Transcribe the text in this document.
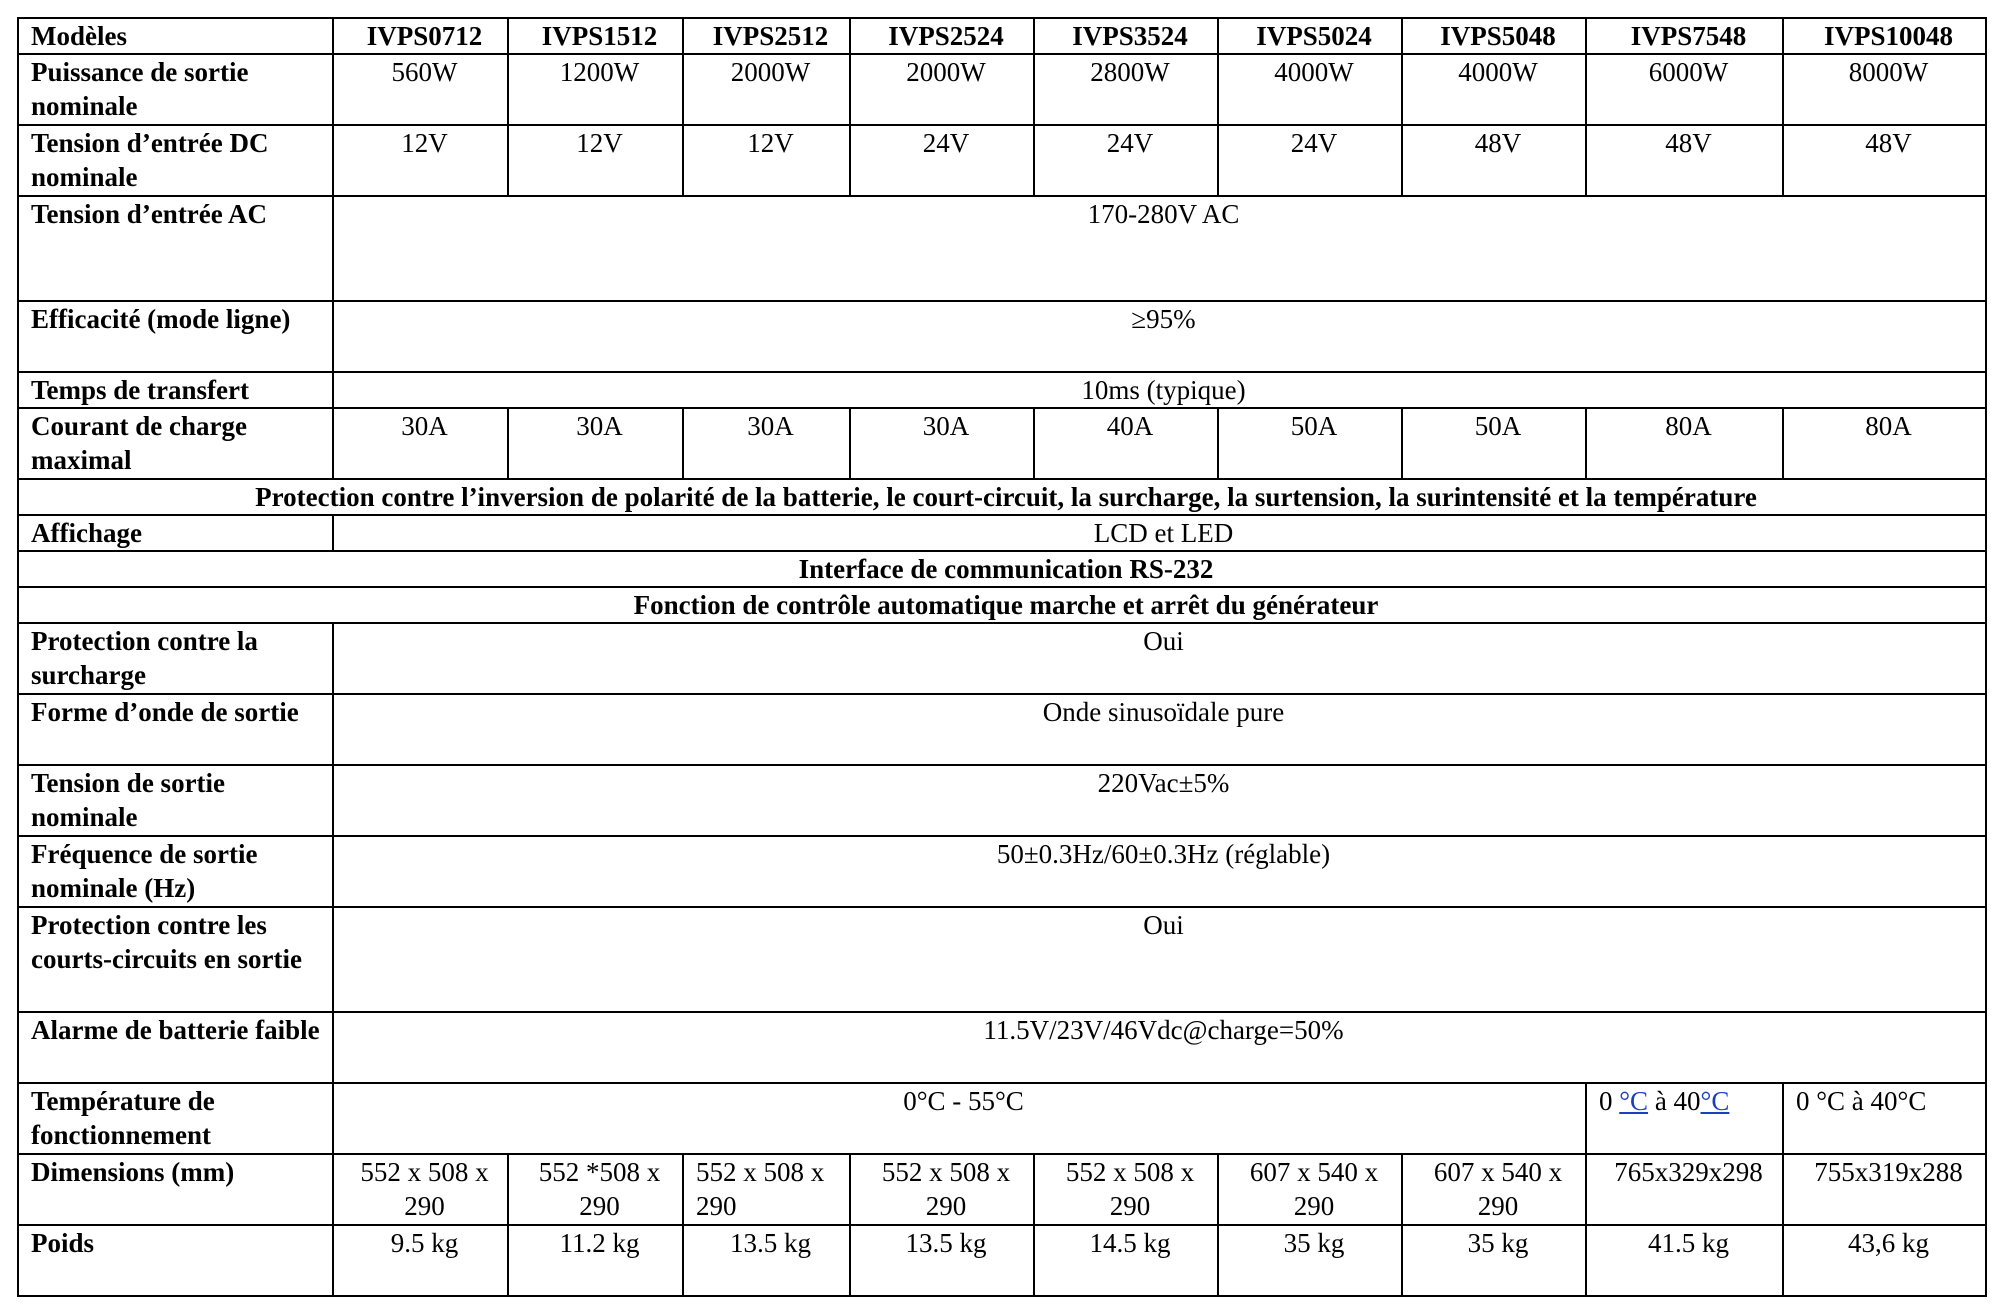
Modèles	IVPS0712	IVPS1512	IVPS2512	IVPS2524	IVPS3524	IVPS5024	IVPS5048	IVPS7548	IVPS10048
Puissance de sortie nominale	560W	1200W	2000W	2000W	2800W	4000W	4000W	6000W	8000W
Tension d’entrée DC nominale	12V	12V	12V	24V	24V	24V	48V	48V	48V
Tension d’entrée AC	170-280V AC								
Efficacité (mode ligne)	≥95%								
Temps de transfert	10ms (typique)								
Courant de charge maximal	30A	30A	30A	30A	40A	50A	50A	80A	80A
Protection contre l’inversion de polarité de la batterie, le court-circuit, la surcharge, la surtension, la surintensité et la température									
Affichage	LCD et LED								
Interface de communication RS-232									
Fonction de contrôle automatique marche et arrêt du générateur									
Protection contre la surcharge	Oui								
Forme d’onde de sortie	Onde sinusoïdale pure								
Tension de sortie nominale	220Vac±5%								
Fréquence de sortie nominale (Hz)	50±0.3Hz/60±0.3Hz (réglable)								
Protection contre les courts-circuits en sortie	Oui								
Alarme de batterie faible	11.5V/23V/46Vdc@charge=50%								
Température de fonctionnement	0°C - 55°C							0 °C à 40°C	0 °C à 40°C
Dimensions (mm)	552 x 508 x 290	552 *508 x 290	552 x 508 x 290	552 x 508 x 290	552 x 508 x 290	607 x 540 x 290	607 x 540 x 290	765x329x298	755x319x288
Poids	9.5 kg	11.2 kg	13.5 kg	13.5 kg	14.5 kg	35 kg	35 kg	41.5 kg	43,6 kg
